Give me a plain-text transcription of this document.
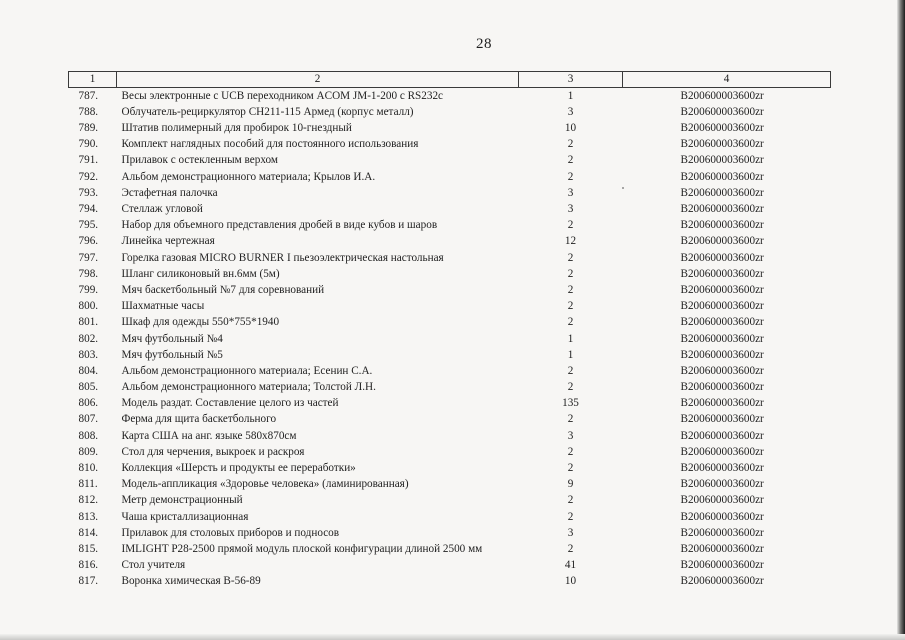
28
1	2	3	4
787.	Весы электронные с UCB переходником ACOM JM-1-200 с RS232c	1	B200600003600zr
788.	Облучатель-рециркулятор СН211-115 Армед (корпус металл)	3	B200600003600zr
789.	Штатив полимерный для пробирок 10-гнездный	10	B200600003600zr
790.	Комплект наглядных пособий для постоянного использования	2	B200600003600zr
791.	Прилавок с остекленным верхом	2	B200600003600zr
792.	Альбом демонстрационного материала; Крылов И.А.	2	B200600003600zr
793.	Эстафетная палочка	3	B200600003600zr
794.	Стеллаж угловой	3	B200600003600zr
795.	Набор для объемного представления дробей в виде кубов и шаров	2	B200600003600zr
796.	Линейка чертежная	12	B200600003600zr
797.	Горелка газовая MICRO BURNER I пьезоэлектрическая настольная	2	B200600003600zr
798.	Шланг силиконовый вн.6мм (5м)	2	B200600003600zr
799.	Мяч баскетбольный №7 для соревнований	2	B200600003600zr
800.	Шахматные часы	2	B200600003600zr
801.	Шкаф для одежды 550*755*1940	2	B200600003600zr
802.	Мяч футбольный №4	1	B200600003600zr
803.	Мяч футбольный №5	1	B200600003600zr
804.	Альбом демонстрационного материала; Есенин С.А.	2	B200600003600zr
805.	Альбом демонстрационного материала; Толстой Л.Н.	2	B200600003600zr
806.	Модель раздат. Составление целого из частей	135	B200600003600zr
807.	Ферма для щита баскетбольного	2	B200600003600zr
808.	Карта США на анг. языке 580х870см	3	B200600003600zr
809.	Стол для черчения, выкроек и раскроя	2	B200600003600zr
810.	Коллекция «Шерсть и продукты ее переработки»	2	B200600003600zr
811.	Модель-аппликация «Здоровье человека» (ламинированная)	9	B200600003600zr
812.	Метр демонстрационный	2	B200600003600zr
813.	Чаша кристаллизационная	2	B200600003600zr
814.	Прилавок для столовых приборов и подносов	3	B200600003600zr
815.	IMLIGHT P28-2500 прямой модуль плоской конфигурации длиной 2500 мм	2	B200600003600zr
816.	Стол учителя	41	B200600003600zr
817.	Воронка химическая В-56-89	10	B200600003600zr
